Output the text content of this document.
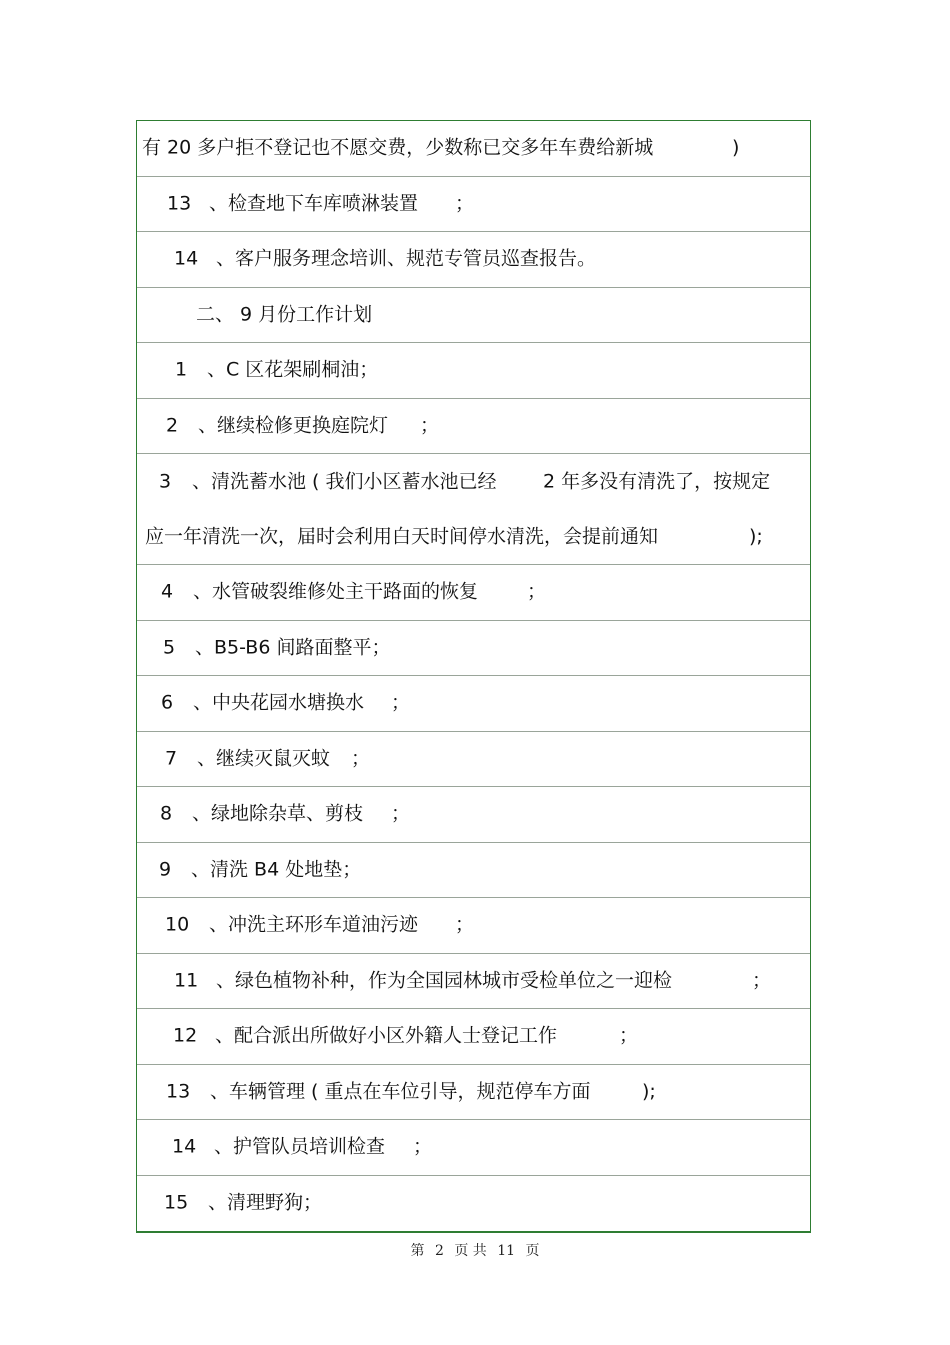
有 20 多户拒不登记也不愿交费，少数称已交多年车费给新城	)
13 、检查地下车库喷淋装置 ；
14 、客户服务理念培训、规范专管员巡查报告。
二、 9 月份工作计划
1 、C 区花架刷桐油；
2 、继续检修更换庭院灯 ；
3 、清洗蓄水池 ( 我们小区蓄水池已经 2 年多没有清洗了，按规定
应一年清洗一次，届时会利用白天时间停水清洗，会提前通知	);
4 、水管破裂维修处主干路面的恢复	；
5 、B5-B6 间路面整平；
6 、中央花园水塘换水 ；
7 、继续灭鼠灭蚊 ；
8 、绿地除杂草、剪枝 ；
9 、清洗 B4 处地垫；
10 、冲洗主环形车道油污迹 ；
11 、绿色植物补种，作为全国园林城市受检单位之一迎检	；
12 、配合派出所做好小区外籍人士登记工作	；
13 、车辆管理 ( 重点在车位引导，规范停车方面	);
14 、护管队员培训检查 ；
15 、清理野狗；
第 2 页 共 11 页
